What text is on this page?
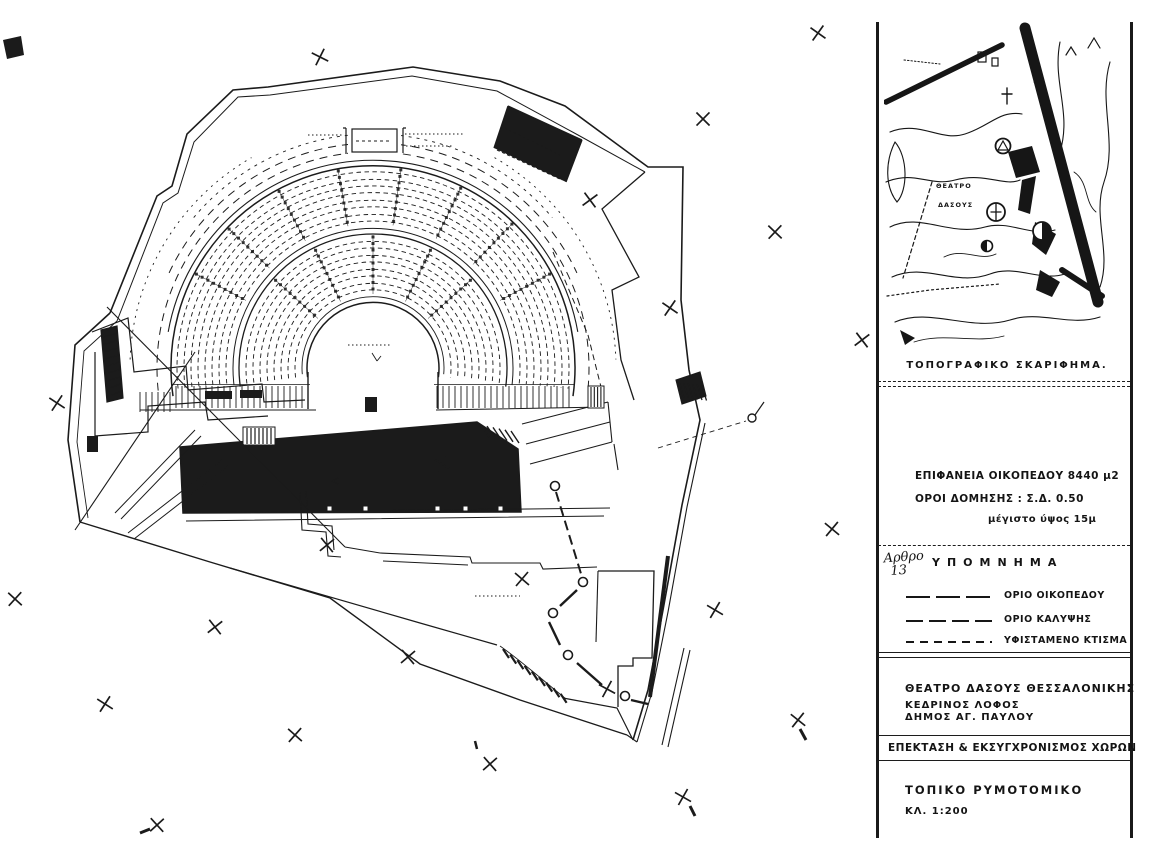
ΘΕΑΤΡΟ
ΔΑΣΟΥΣ
ΤΟΠΟΓΡΑΦΙΚΟ ΣΚΑΡΙΦΗΜΑ.
ΕΠΙΦΑΝΕΙΑ ΟΙΚΟΠΕΔΟΥ 8440 μ2
ΟΡΟΙ ΔΟΜΗΣΗΣ : Σ.Δ. 0.50
μέγιστο ύψος 15μ
Αρθρο
13
ΥΠΟΜΝΗΜΑ
ΟΡΙΟ ΟΙΚΟΠΕΔΟΥ
ΟΡΙΟ ΚΑΛΥΨΗΣ
ΥΦΙΣΤΑΜΕΝΟ ΚΤΙΣΜΑ
ΘΕΑΤΡΟ ΔΑΣΟΥΣ ΘΕΣΣΑΛΟΝΙΚΗΣ
ΚΕΔΡΙΝΟΣ ΛΟΦΟΣ
ΔΗΜΟΣ ΑΓ. ΠΑΥΛΟΥ
ΕΠΕΚΤΑΣΗ & ΕΚΣΥΓΧΡΟΝΙΣΜΟΣ ΧΩΡΩΝ
ΤΟΠΙΚΟ ΡΥΜΟΤΟΜΙΚΟ
ΚΛ. 1:200
